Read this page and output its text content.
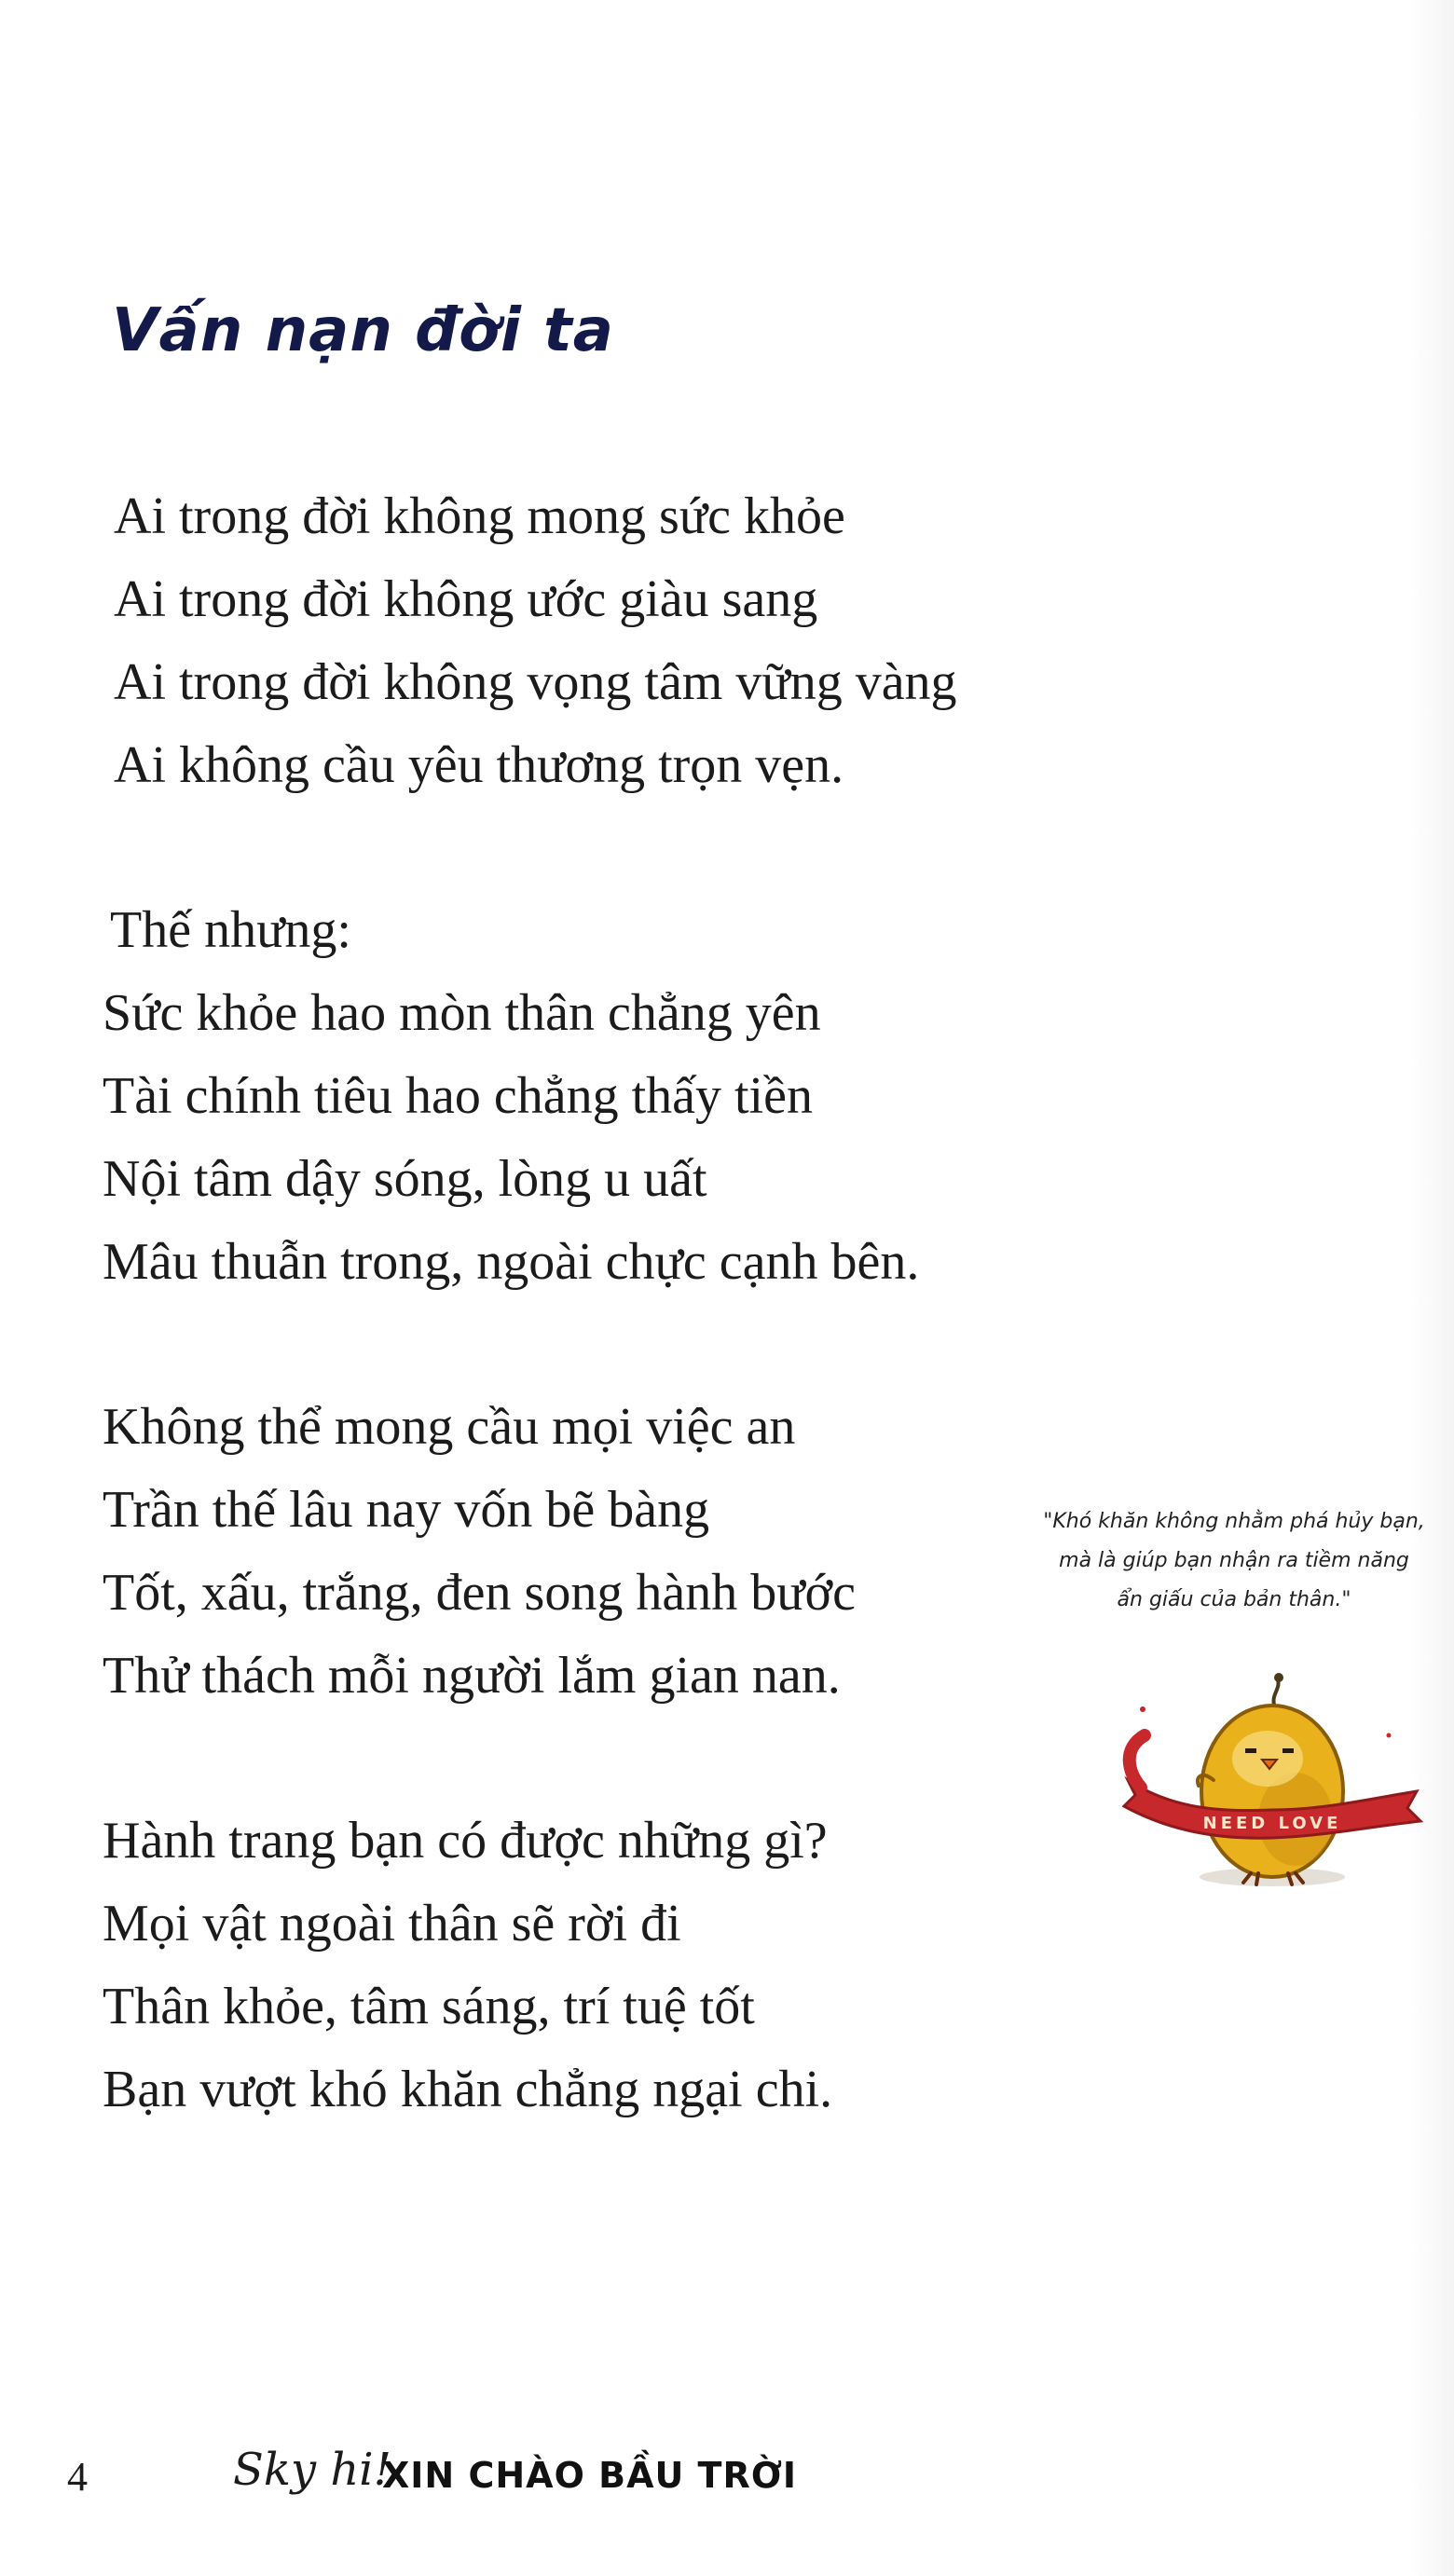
Vấn nạn đời ta
Ai trong đời không mong sức khỏe
Ai trong đời không ước giàu sang
Ai trong đời không vọng tâm vững vàng
Ai không cầu yêu thương trọn vẹn.
Thế nhưng:
Sức khỏe hao mòn thân chẳng yên
Tài chính tiêu hao chẳng thấy tiền
Nội tâm dậy sóng, lòng u uất
Mâu thuẫn trong, ngoài chực cạnh bên.
Không thể mong cầu mọi việc an
Trần thế lâu nay vốn bẽ bàng
Tốt, xấu, trắng, đen song hành bước
Thử thách mỗi người lắm gian nan.
Hành trang bạn có được những gì?
Mọi vật ngoài thân sẽ rời đi
Thân khỏe, tâm sáng, trí tuệ tốt
Bạn vượt khó khăn chẳng ngại chi.
"Khó khăn không nhằm phá hủy bạn,
mà là giúp bạn nhận ra tiềm năng
ẩn giấu của bản thân."
NEED LOVE
4	Sky hi!
XIN CHÀO BẦU TRỜI
